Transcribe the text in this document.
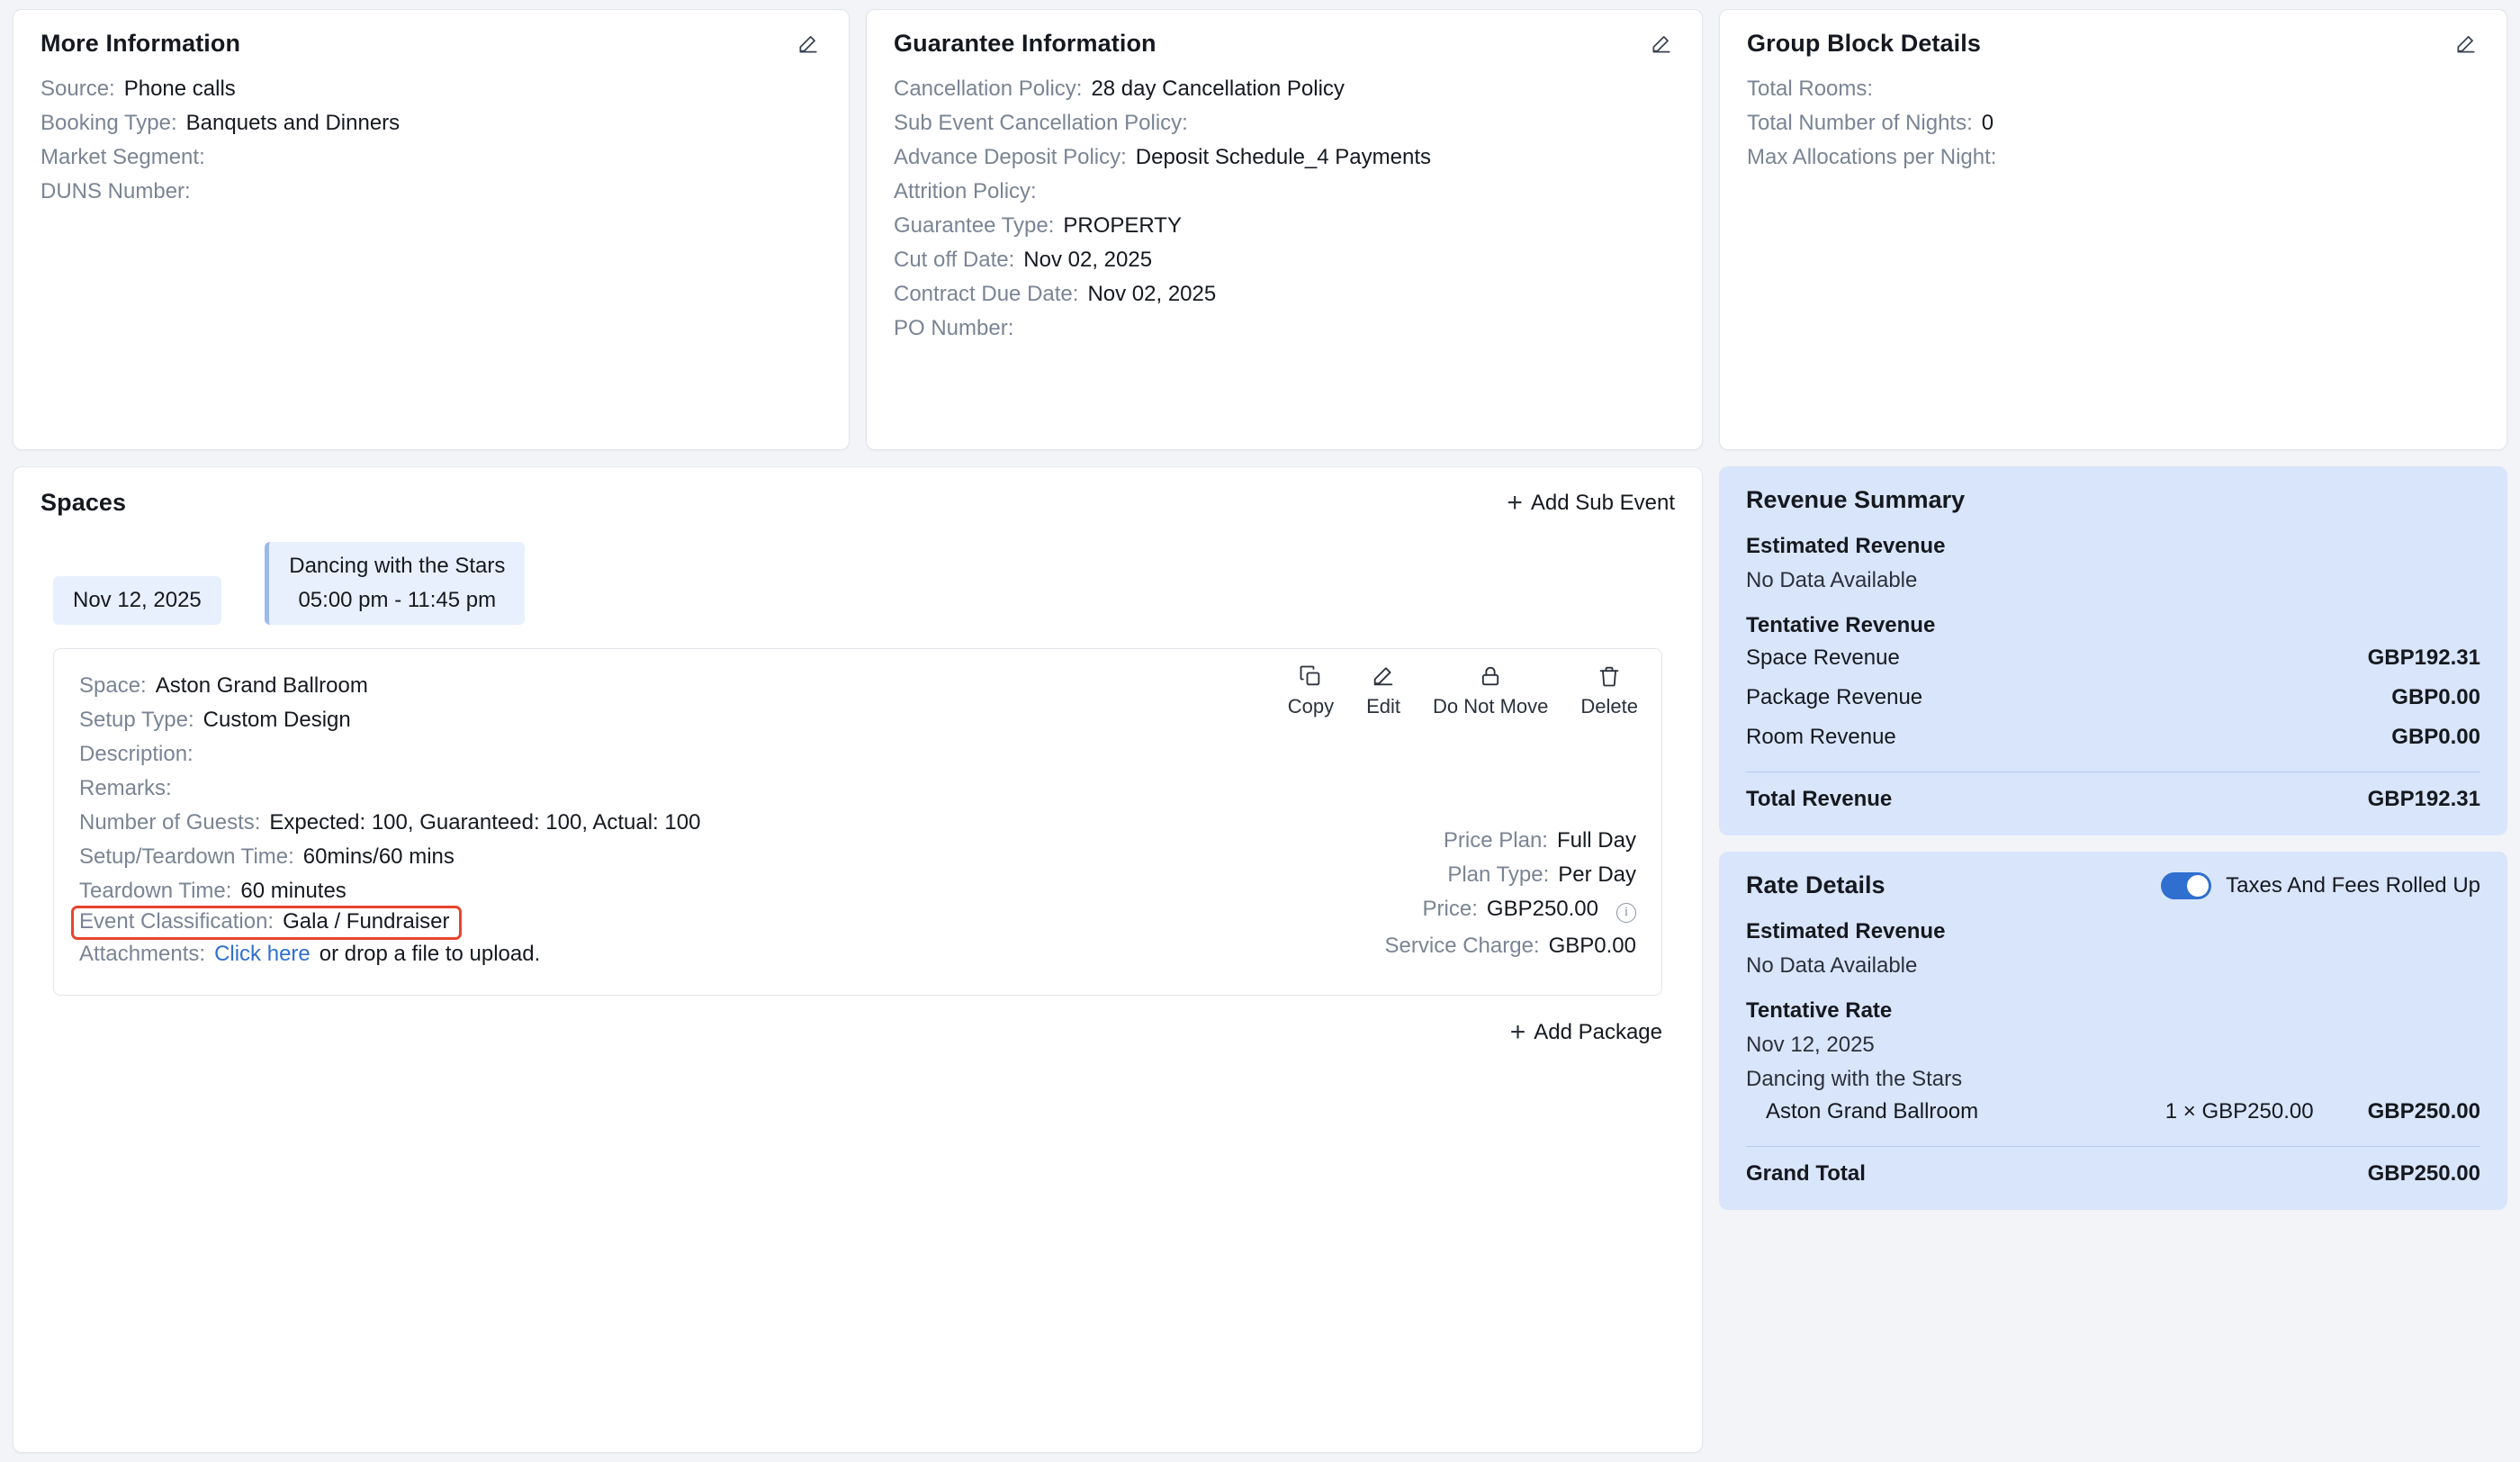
More Information
Source: Phone calls
Booking Type: Banquets and Dinners
Market Segment:
DUNS Number:
Guarantee Information
Cancellation Policy: 28 day Cancellation Policy
Sub Event Cancellation Policy:
Advance Deposit Policy: Deposit Schedule_4 Payments
Attrition Policy:
Guarantee Type: PROPERTY
Cut off Date: Nov 02, 2025
Contract Due Date: Nov 02, 2025
PO Number:
Group Block Details
Total Rooms:
Total Number of Nights: 0
Max Allocations per Night:
Spaces	+ Add Sub Event
Nov 12, 2025
Dancing with the Stars
05:00 pm - 11:45 pm
Copy Edit Do Not Move Delete
Space: Aston Grand Ballroom
Setup Type: Custom Design
Description:
Remarks:
Number of Guests: Expected: 100, Guaranteed: 100, Actual: 100
Setup/Teardown Time: 60mins/60 mins
Teardown Time: 60 minutes
Event Classification: Gala / Fundraiser
Attachments: Click here or drop a file to upload.
Price Plan: Full Day
Plan Type: Per Day
Price: GBP250.00	i
Service Charge: GBP0.00
+ Add Package
Revenue Summary
Estimated Revenue
No Data Available
Tentative Revenue
Space Revenue	GBP192.31
Package Revenue	GBP0.00
Room Revenue	GBP0.00
Total Revenue	GBP192.31
Rate Details	Taxes And Fees Rolled Up
Estimated Revenue
No Data Available
Tentative Rate
Nov 12, 2025
Dancing with the Stars
Aston Grand Ballroom	1 × GBP250.00	GBP250.00
Grand Total	GBP250.00
